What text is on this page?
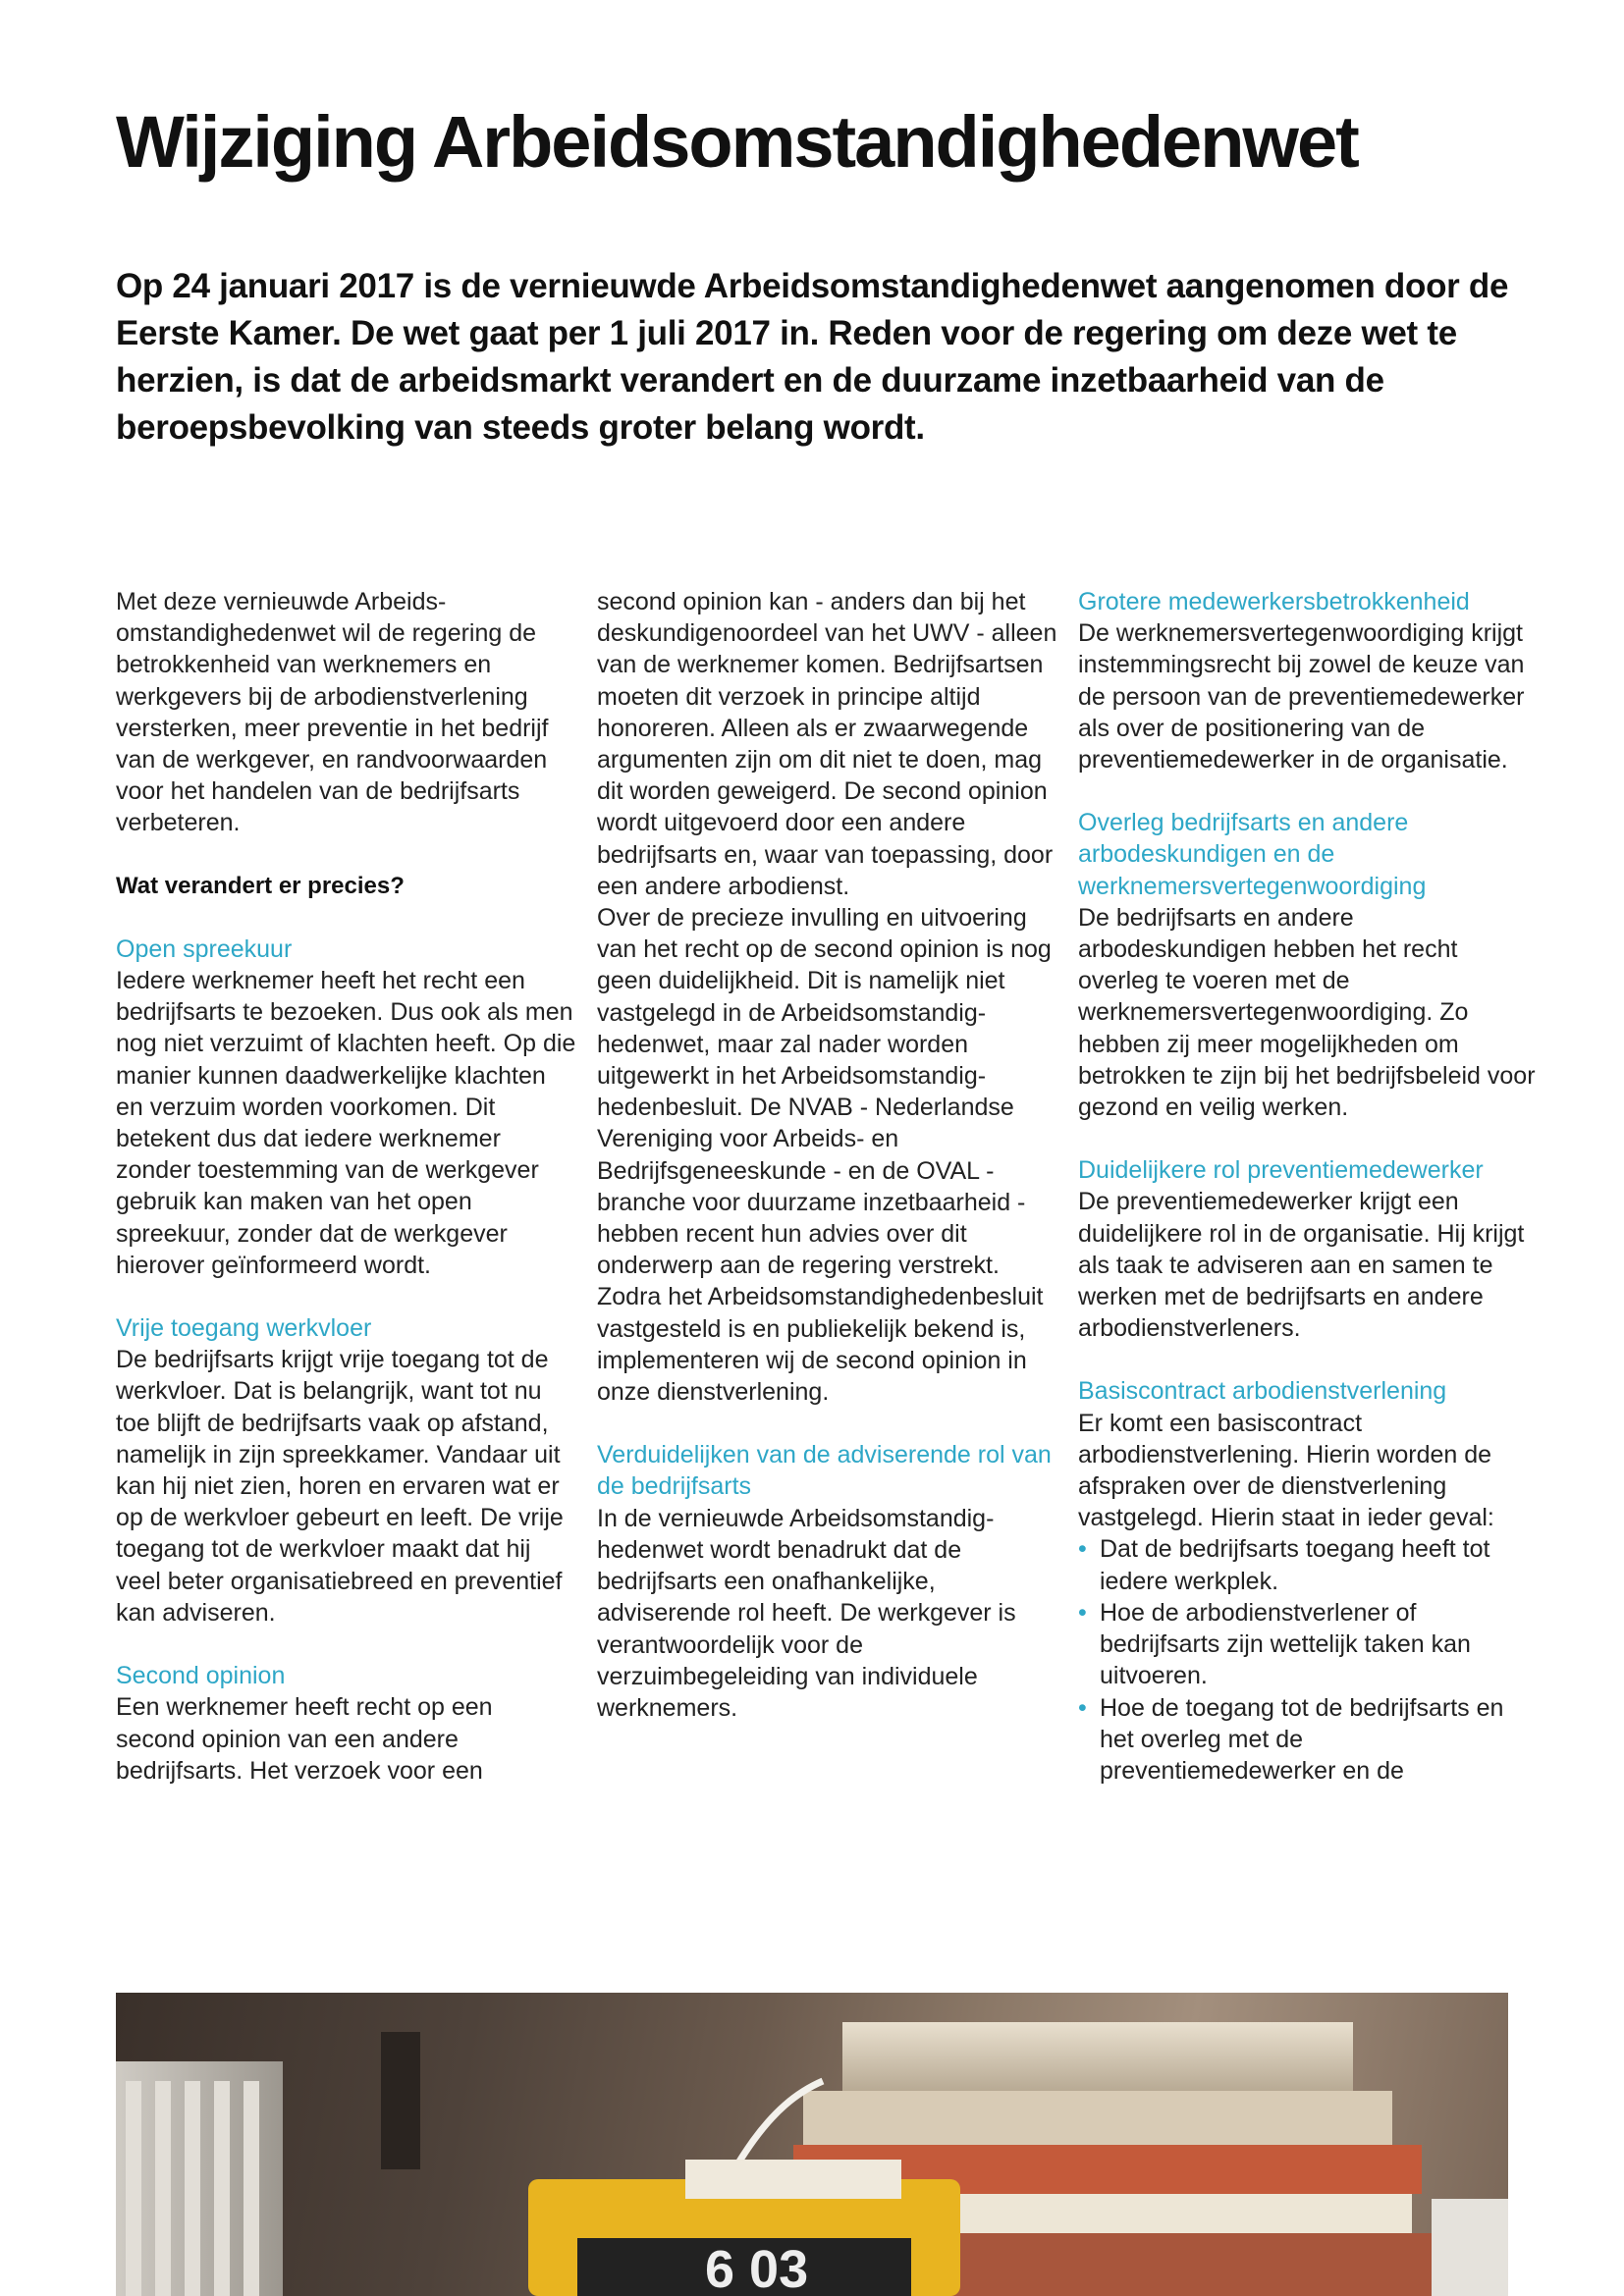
Wijziging Arbeidsomstandighedenwet

Op 24 januari 2017 is de vernieuwde Arbeidsomstandighedenwet aangenomen door de Eerste Kamer. De wet gaat per 1 juli 2017 in. Reden voor de regering om deze wet te herzien, is dat de arbeidsmarkt verandert en de duurzame inzetbaarheid van de beroepsbevolking van steeds groter belang wordt.

Met deze vernieuwde Arbeidsomstandighedenwet wil de regering de betrokkenheid van werknemers en werkgevers bij de arbodienstverlening versterken, meer preventie in het bedrijf van de werkgever, en randvoorwaarden voor het handelen van de bedrijfsarts verbeteren.

Wat verandert er precies?
Open spreekuur

Iedere werknemer heeft het recht een bedrijfsarts te bezoeken. Dus ook als men nog niet verzuimt of klachten heeft. Op die manier kunnen daadwerkelijke klachten en verzuim worden voorkomen. Dit betekent dus dat iedere werknemer zonder toestemming van de werkgever gebruik kan maken van het open spreekuur, zonder dat de werkgever hierover geïnformeerd wordt.

Vrije toegang werkvloer

De bedrijfsarts krijgt vrije toegang tot de werkvloer. Dat is belangrijk, want tot nu toe blijft de bedrijfsarts vaak op afstand, namelijk in zijn spreekkamer. Vandaar uit kan hij niet zien, horen en ervaren wat er op de werkvloer gebeurt en leeft. De vrije toegang tot de werkvloer maakt dat hij veel beter organisatiebreed en preventief kan adviseren.

Second opinion

Een werknemer heeft recht op een second opinion van een andere bedrijfsarts. Het verzoek voor een

second opinion kan - anders dan bij het deskundigenoordeel van het UWV - alleen van de werknemer komen. Bedrijfsartsen moeten dit verzoek in principe altijd honoreren. Alleen als er zwaarwegende argumenten zijn om dit niet te doen, mag dit worden geweigerd. De second opinion wordt uitgevoerd door een andere bedrijfsarts en, waar van toepassing, door een andere arbodienst.

Over de precieze invulling en uitvoering van het recht op de second opinion is nog geen duidelijkheid. Dit is namelijk niet vastgelegd in de Arbeidsomstandighedenwet, maar zal nader worden uitgewerkt in het Arbeidsomstandighedenbesluit. De NVAB - Nederlandse Vereniging voor Arbeids- en Bedrijfsgeneeskunde - en de OVAL - branche voor duurzame inzetbaarheid - hebben recent hun advies over dit onderwerp aan de regering verstrekt. Zodra het Arbeidsomstandighedenbesluit vastgesteld is en publiekelijk bekend is, implementeren wij de second opinion in onze dienstverlening.

Verduidelijken van de adviserende rol van de bedrijfsarts

In de vernieuwde Arbeidsomstandighedenwet wordt benadrukt dat de bedrijfsarts een onafhankelijke, adviserende rol heeft. De werkgever is verantwoordelijk voor de verzuimbegeleiding van individuele werknemers.

Grotere medewerkersbetrokkenheid

De werknemersvertegenwoordiging krijgt instemmingsrecht bij zowel de keuze van de persoon van de preventiemedewerker als over de positionering van de preventiemedewerker in de organisatie.

Overleg bedrijfsarts en andere arbodeskundigen en de werknemersvertegenwoordiging

De bedrijfsarts en andere arbodeskundigen hebben het recht overleg te voeren met de werknemersvertegenwoordiging. Zo hebben zij meer mogelijkheden om betrokken te zijn bij het bedrijfsbeleid voor gezond en veilig werken.

Duidelijkere rol preventiemedewerker

De preventiemedewerker krijgt een duidelijkere rol in de organisatie. Hij krijgt als taak te adviseren aan en samen te werken met de bedrijfsarts en andere arbodienstverleners.

Basiscontract arbodienstverlening

Er komt een basiscontract arbodienstverlening. Hierin worden de afspraken over de dienstverlening vastgelegd. Hierin staat in ieder geval:

• Dat de bedrijfsarts toegang heeft tot iedere werkplek.
• Hoe de arbodienstverlener of bedrijfsarts zijn wettelijk taken kan uitvoeren.
• Hoe de toegang tot de bedrijfsarts en het overleg met de preventiemedewerker en de
6 03
